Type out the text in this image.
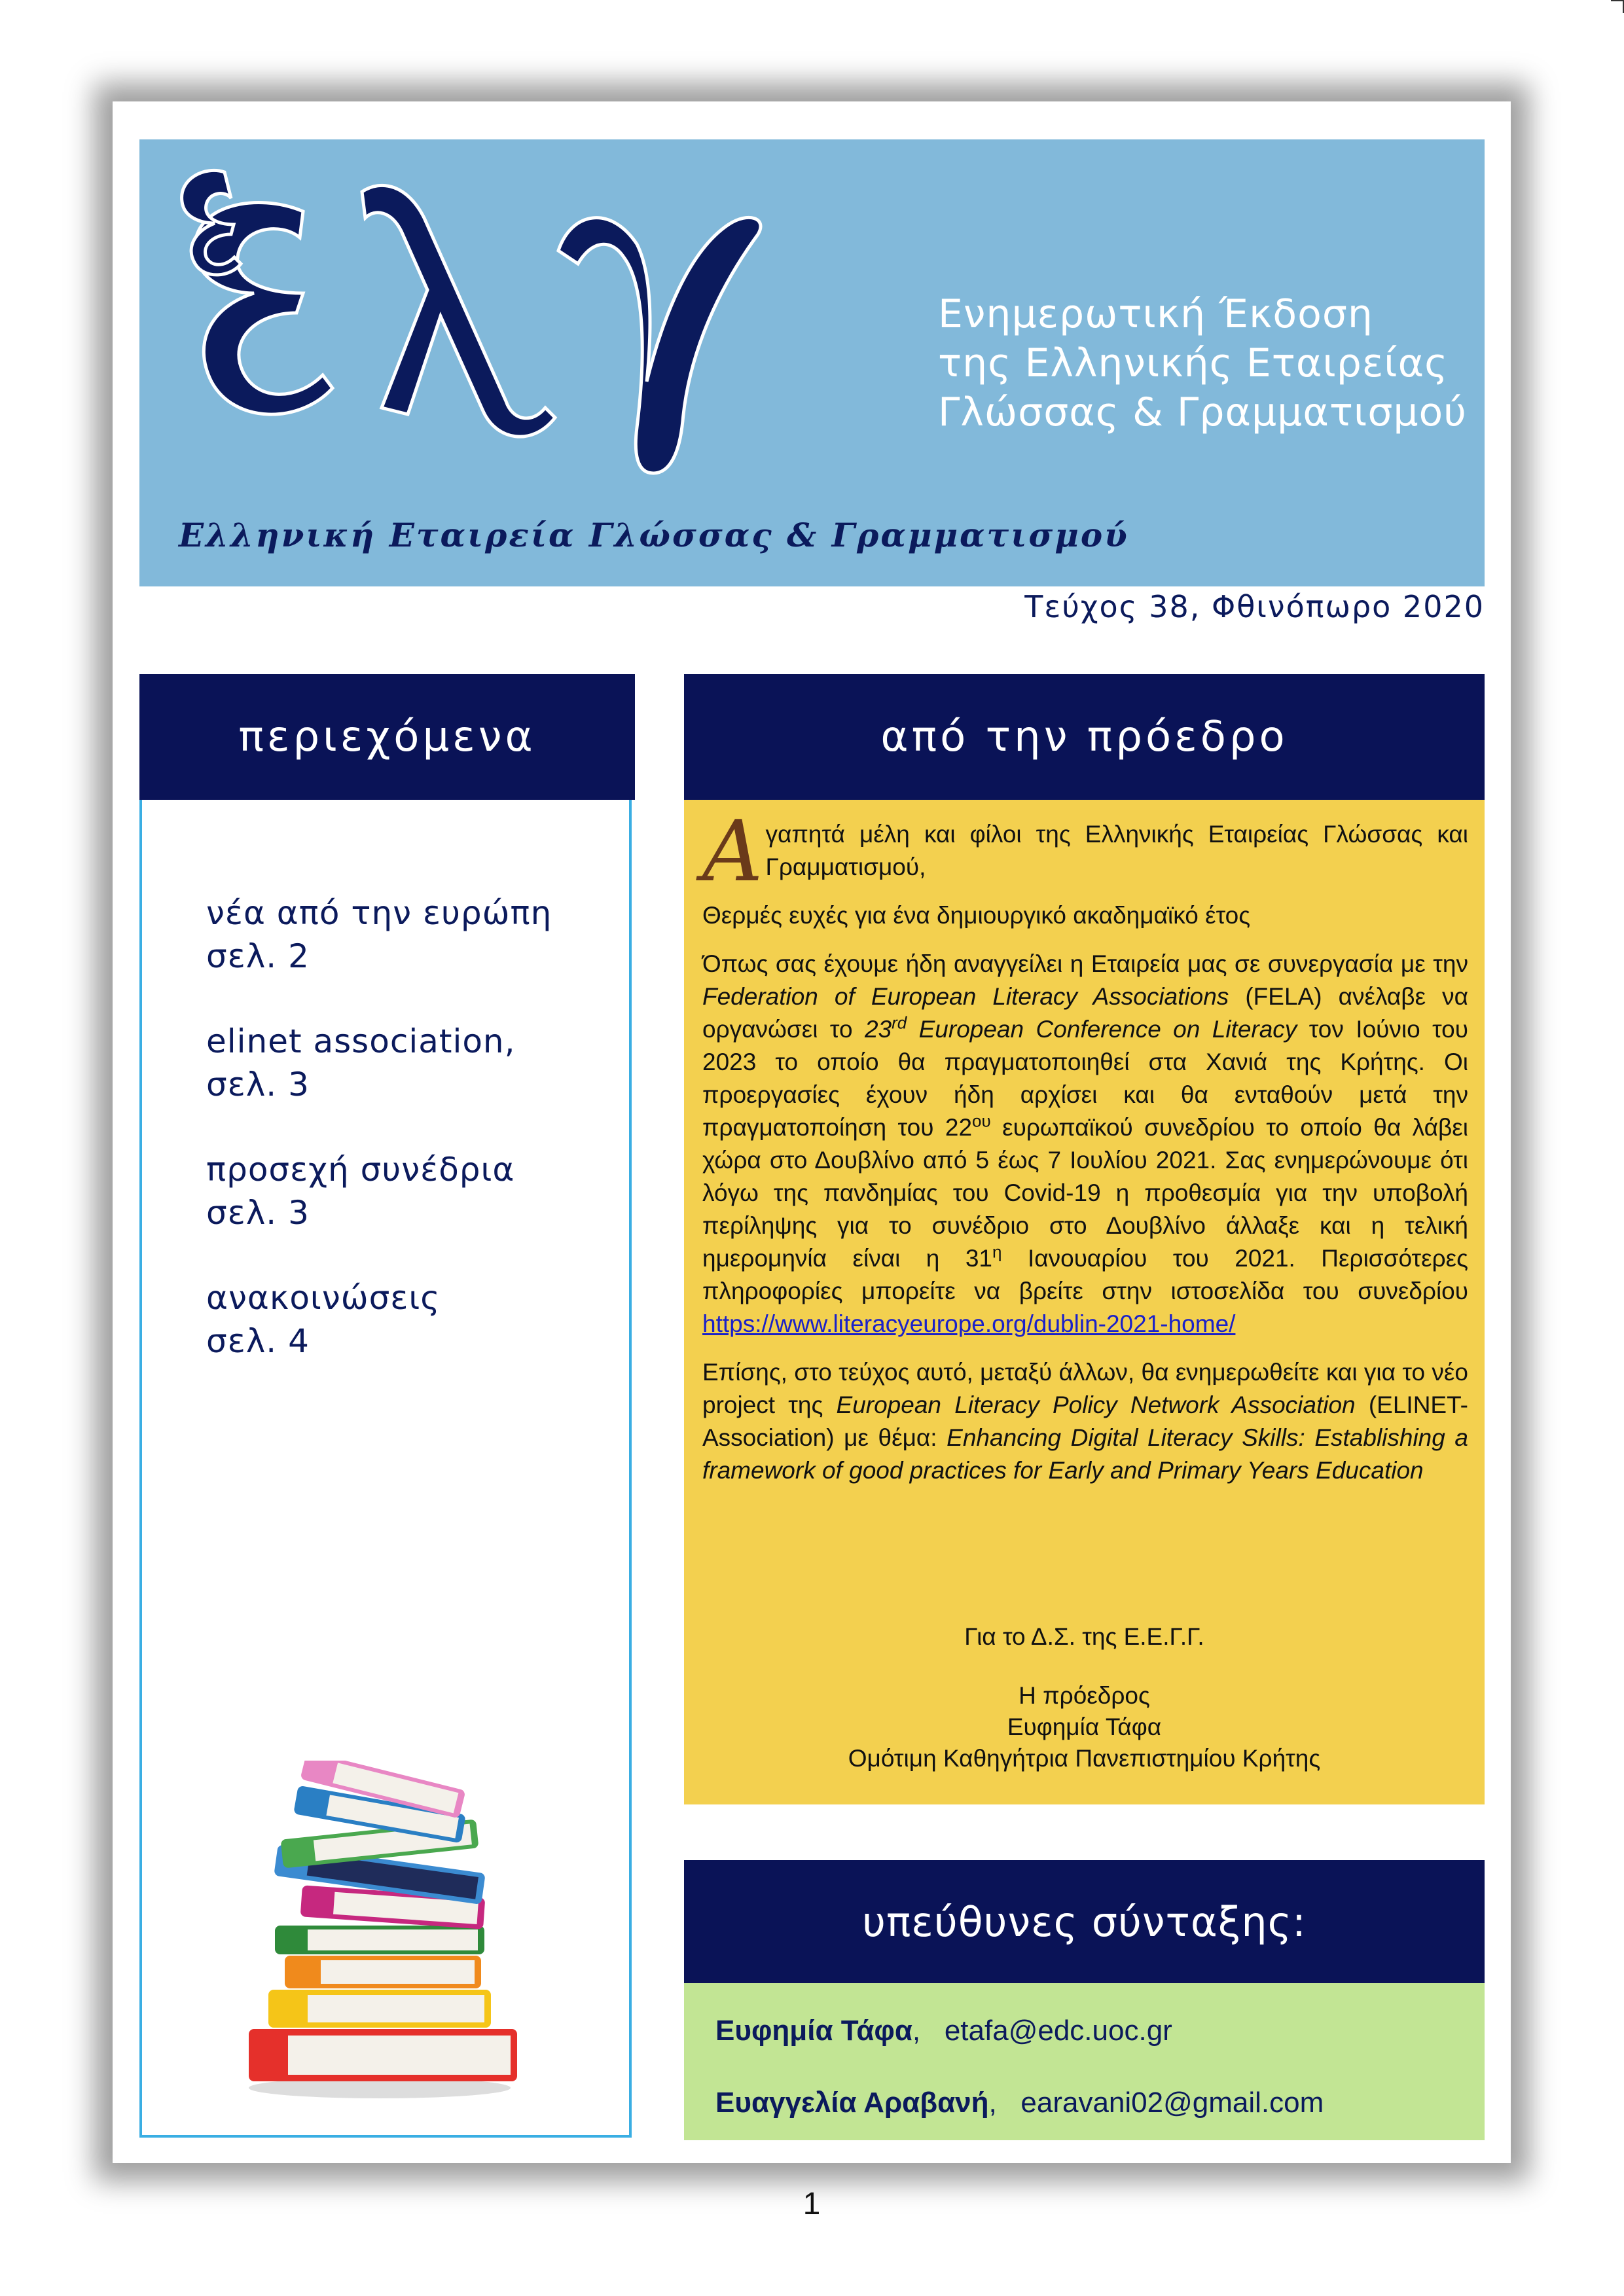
Ελληνική Εταιρεία Γλώσσας & Γραμματισμού
Ενημερωτική Έκδοση
της Ελληνικής Εταιρείας
Γλώσσας & Γραμματισμού
Τεύχος 38, Φθινόπωρο 2020
περιεχόμενα
νέα από την ευρώπη
σελ. 2
elinet association,
σελ. 3
προσεχή συνέδρια
σελ. 3
ανακοινώσεις
σελ. 4
από την πρόεδρο

Αγαπητά μέλη και φίλοι της Ελληνικής Εταιρείας Γλώσσας και Γραμματισμού,

Θερμές ευχές για ένα δημιουργικό ακαδημαϊκό έτος

Όπως σας έχουμε ήδη αναγγείλει η Εταιρεία μας σε συνεργασία με την Federation of European Literacy Associations (FELA) ανέλαβε να οργανώσει το 23rd European Conference on Literacy τον Ιούνιο του 2023 το οποίο θα πραγματοποιηθεί στα Χανιά της Κρήτης. Οι προεργασίες έχουν ήδη αρχίσει και θα ενταθούν μετά την πραγματοποίηση του $22^{o\upsilon}$ ευρωπαϊκού συνεδρίου το οποίο θα λάβει χώρα στο Δουβλίνο από 5 έως 7 Ιουλίου 2021. Σας ενημερώνουμε ότι λόγω της πανδημίας του Covid-19 η προθεσμία για την υποβολή περίληψης για το συνέδριο στο Δουβλίνο άλλαξε και η τελική ημερομηνία είναι η $31^\eta$ Ιανουαρίου του 2021. Περισσότερες πληροφορίες μπορείτε να βρείτε στην ιστοσελίδα του συνεδρίου https://www.literacyeurope.org/dublin-2021-home/

Επίσης, στο τεύχος αυτό, μεταξύ άλλων, θα ενημερωθείτε και για το νέο project της European Literacy Policy Network Association (ELINET-Association) με θέμα: Enhancing Digital Literacy Skills: Establishing a framework of good practices for Early and Primary Years Education

Για το Δ.Σ. της Ε.Ε.Γ.Γ.
Η πρόεδρος
Ευφημία Τάφα
Ομότιμη Καθηγήτρια Πανεπιστημίου Κρήτης
υπεύθυνες σύνταξης:
Ευφημία Τάφα,   etafa@edc.uoc.gr
Ευαγγελία Αραβανή,   earavani02@gmail.com
1
